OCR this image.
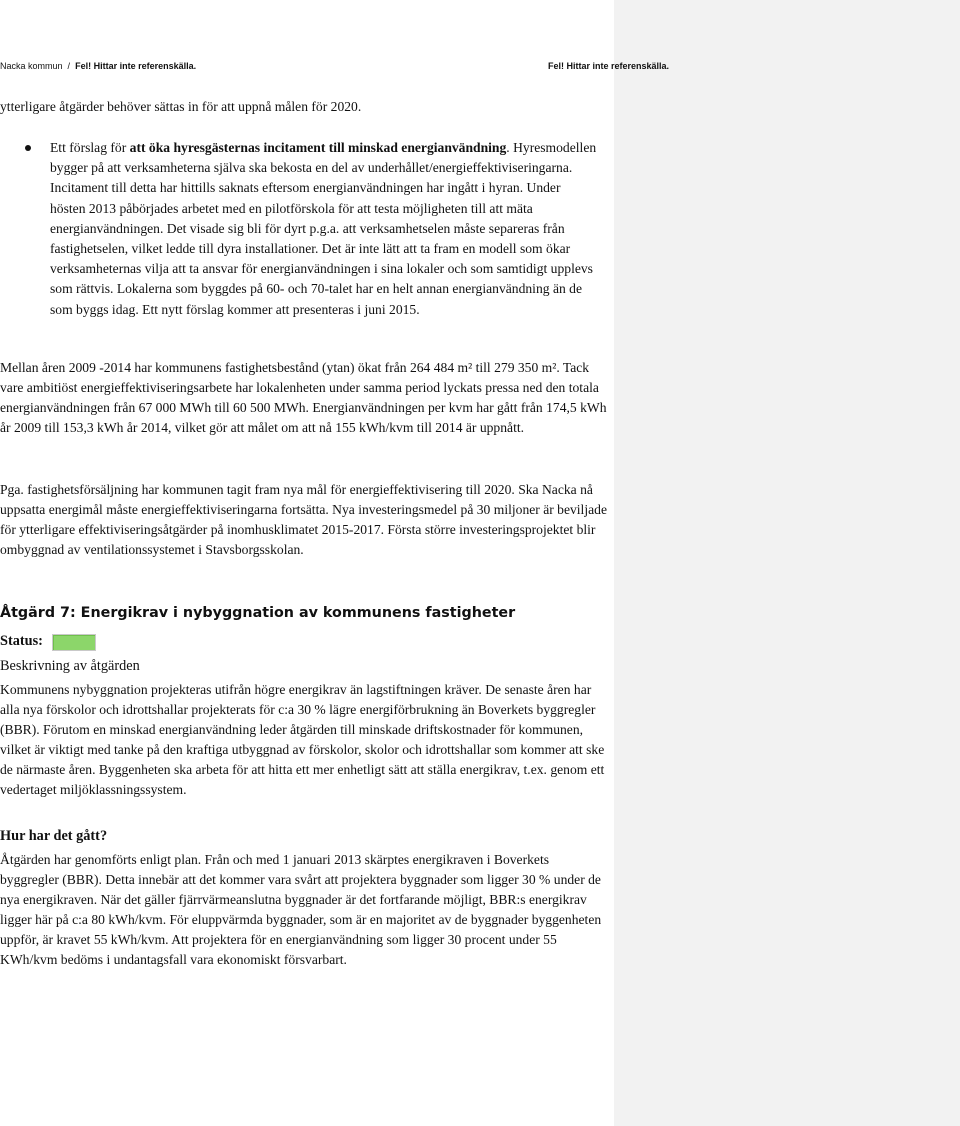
Nacka kommun / Fel! Hittar inte referenskälla.	Fel! Hittar inte referenskälla.
ytterligare åtgärder behöver sättas in för att uppnå målen för 2020.
Ett förslag för att öka hyresgästernas incitament till minskad energianvändning. Hyresmodellen bygger på att verksamheterna själva ska bekosta en del av underhållet/energieffektiviseringarna. Incitament till detta har hittills saknats eftersom energianvändningen har ingått i hyran. Under hösten 2013 påbörjades arbetet med en pilotförskola för att testa möjligheten till att mäta energianvändningen. Det visade sig bli för dyrt p.g.a. att verksamhetselen måste separeras från fastighetselen, vilket ledde till dyra installationer. Det är inte lätt att ta fram en modell som ökar verksamheternas vilja att ta ansvar för energianvändningen i sina lokaler och som samtidigt upplevs som rättvis. Lokalerna som byggdes på 60- och 70-talet har en helt annan energianvändning än de som byggs idag. Ett nytt förslag kommer att presenteras i juni 2015.
Mellan åren 2009 -2014 har kommunens fastighetsbestånd (ytan) ökat från 264 484 m² till 279 350 m². Tack vare ambitiöst energieffektiviseringsarbete har lokalenheten under samma period lyckats pressa ned den totala energianvändningen från 67 000 MWh till 60 500 MWh. Energianvändningen per kvm har gått från 174,5 kWh år 2009 till 153,3 kWh år 2014, vilket gör att målet om att nå 155 kWh/kvm till 2014 är uppnått.
Pga. fastighetsförsäljning har kommunen tagit fram nya mål för energieffektivisering till 2020. Ska Nacka nå uppsatta energimål måste energieffektiviseringarna fortsätta. Nya investeringsmedel på 30 miljoner är beviljade för ytterligare effektiviseringsåtgärder på inomhusklimatet 2015-2017. Första större investeringsprojektet blir ombyggnad av ventilationssystemet i Stavsborgsskolan.
Åtgärd 7: Energikrav i nybyggnation av kommunens fastigheter
Status:
Beskrivning av åtgärden
Kommunens nybyggnation projekteras utifrån högre energikrav än lagstiftningen kräver. De senaste åren har alla nya förskolor och idrottshallar projekterats för c:a 30 % lägre energiförbrukning än Boverkets byggregler (BBR). Förutom en minskad energianvändning leder åtgärden till minskade driftskostnader för kommunen, vilket är viktigt med tanke på den kraftiga utbyggnad av förskolor, skolor och idrottshallar som kommer att ske de närmaste åren. Byggenheten ska arbeta för att hitta ett mer enhetligt sätt att ställa energikrav, t.ex. genom ett vedertaget miljöklassningssystem.
Hur har det gått?
Åtgärden har genomförts enligt plan. Från och med 1 januari 2013 skärptes energikraven i Boverkets byggregler (BBR). Detta innebär att det kommer vara svårt att projektera byggnader som ligger 30 % under de nya energikraven. När det gäller fjärrvärmeanslutna byggnader är det fortfarande möjligt, BBR:s energikrav ligger här på c:a 80 kWh/kvm. För eluppvärmda byggnader, som är en majoritet av de byggnader byggenheten uppför, är kravet 55 kWh/kvm. Att projektera för en energianvändning som ligger 30 procent under 55 KWh/kvm bedöms i undantagsfall vara ekonomiskt försvarbart.
